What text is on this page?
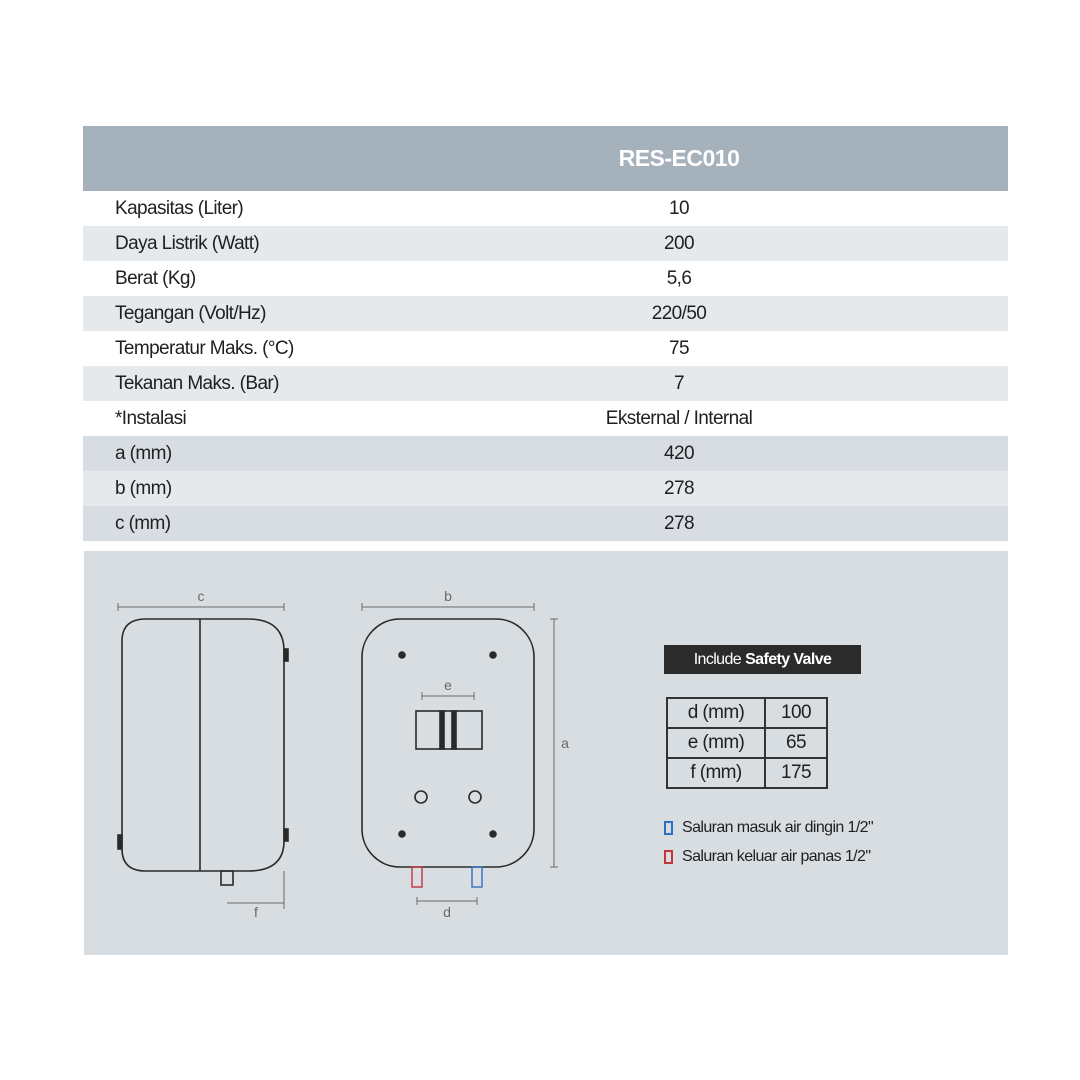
	RES-EC010	
Kapasitas (Liter)	10	
Daya Listrik (Watt)	200	
Berat (Kg)	5,6	
Tegangan (Volt/Hz)	220/50	
Temperatur Maks. (°C)	75	
Tekanan Maks. (Bar)	7	
*Instalasi	Eksternal / Internal	
a (mm)	420	
b (mm)	278	
c (mm)	278	
c	b
a
e
d
f
Include Safety Valve
d (mm)	100
e (mm)	65
f (mm)	175
Saluran masuk air dingin 1/2"
Saluran keluar air panas 1/2"
